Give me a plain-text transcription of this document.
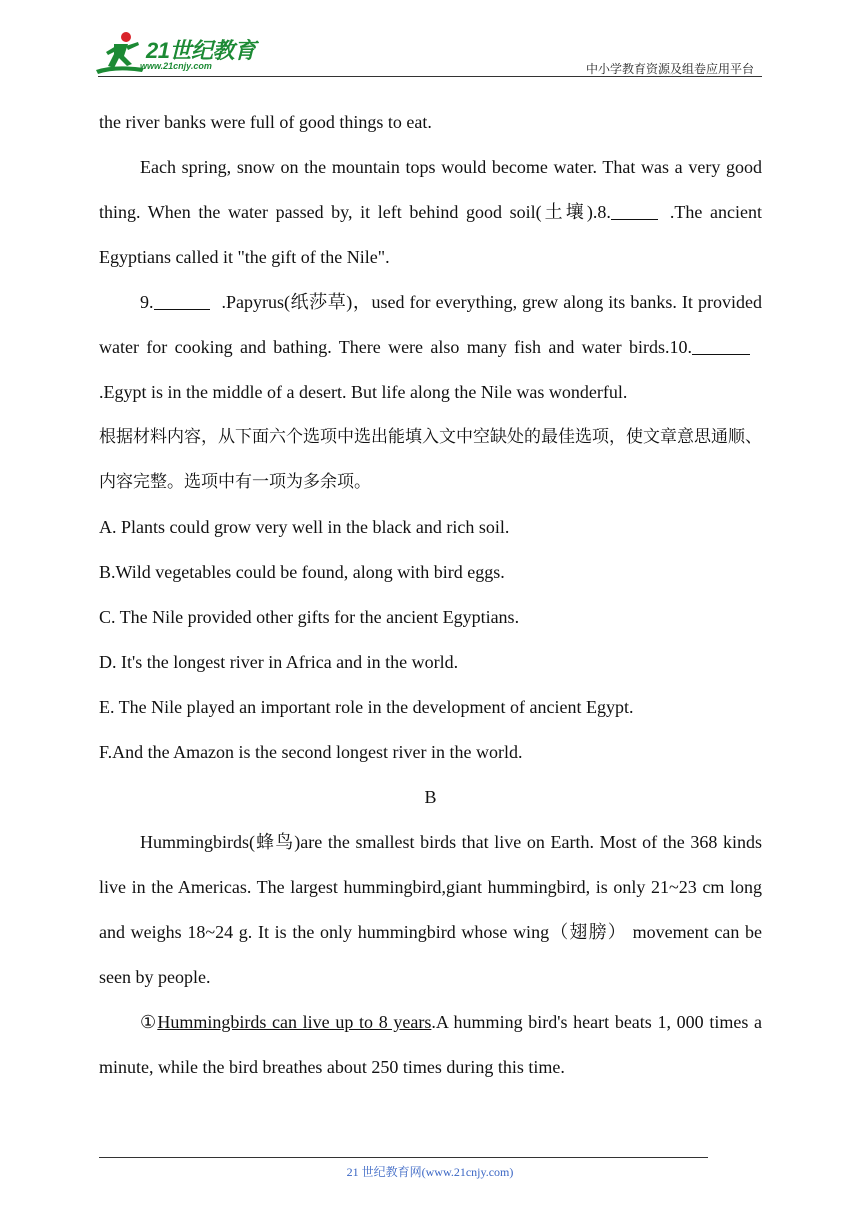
21世纪教育
www.21cnjy.com	中小学教育资源及组卷应用平台

the river banks were full of good things to eat.

Each spring, snow on the mountain tops would become water. That was a very good thing. When the water passed by, it left behind good soil(土壤).8.	.The ancient Egyptians called it "the gift of the Nile".

9.	.Papyrus(纸莎草)，used for everything, grew along its banks. It provided water for cooking and bathing. There were also many fish and water birds.10..Egypt is in the middle of a desert. But life along the Nile was wonderful.

根据材料内容，从下面六个选项中选出能填入文中空缺处的最佳选项，使文章意思通顺、内容完整。选项中有一项为多余项。

A. Plants could grow very well in the black and rich soil.

B.Wild vegetables could be found, along with bird eggs.

C. The Nile provided other gifts for the ancient Egyptians.

D. It's the longest river in Africa and in the world.

E. The Nile played an important role in the development of ancient Egypt.

F.And the Amazon is the second longest river in the world.

B

Hummingbirds(蜂鸟)are the smallest birds that live on Earth. Most of the 368 kinds live in the Americas. The largest hummingbird,giant hummingbird, is only 21~23 cm long and weighs 18~24 g. It is the only hummingbird whose wing（翅膀） movement can be seen by people.

①Hummingbirds can live up to 8 years.A humming bird's heart beats 1, 000 times a minute, while the bird breathes about 250 times during this time.

21 世纪教育网(www.21cnjy.com)
